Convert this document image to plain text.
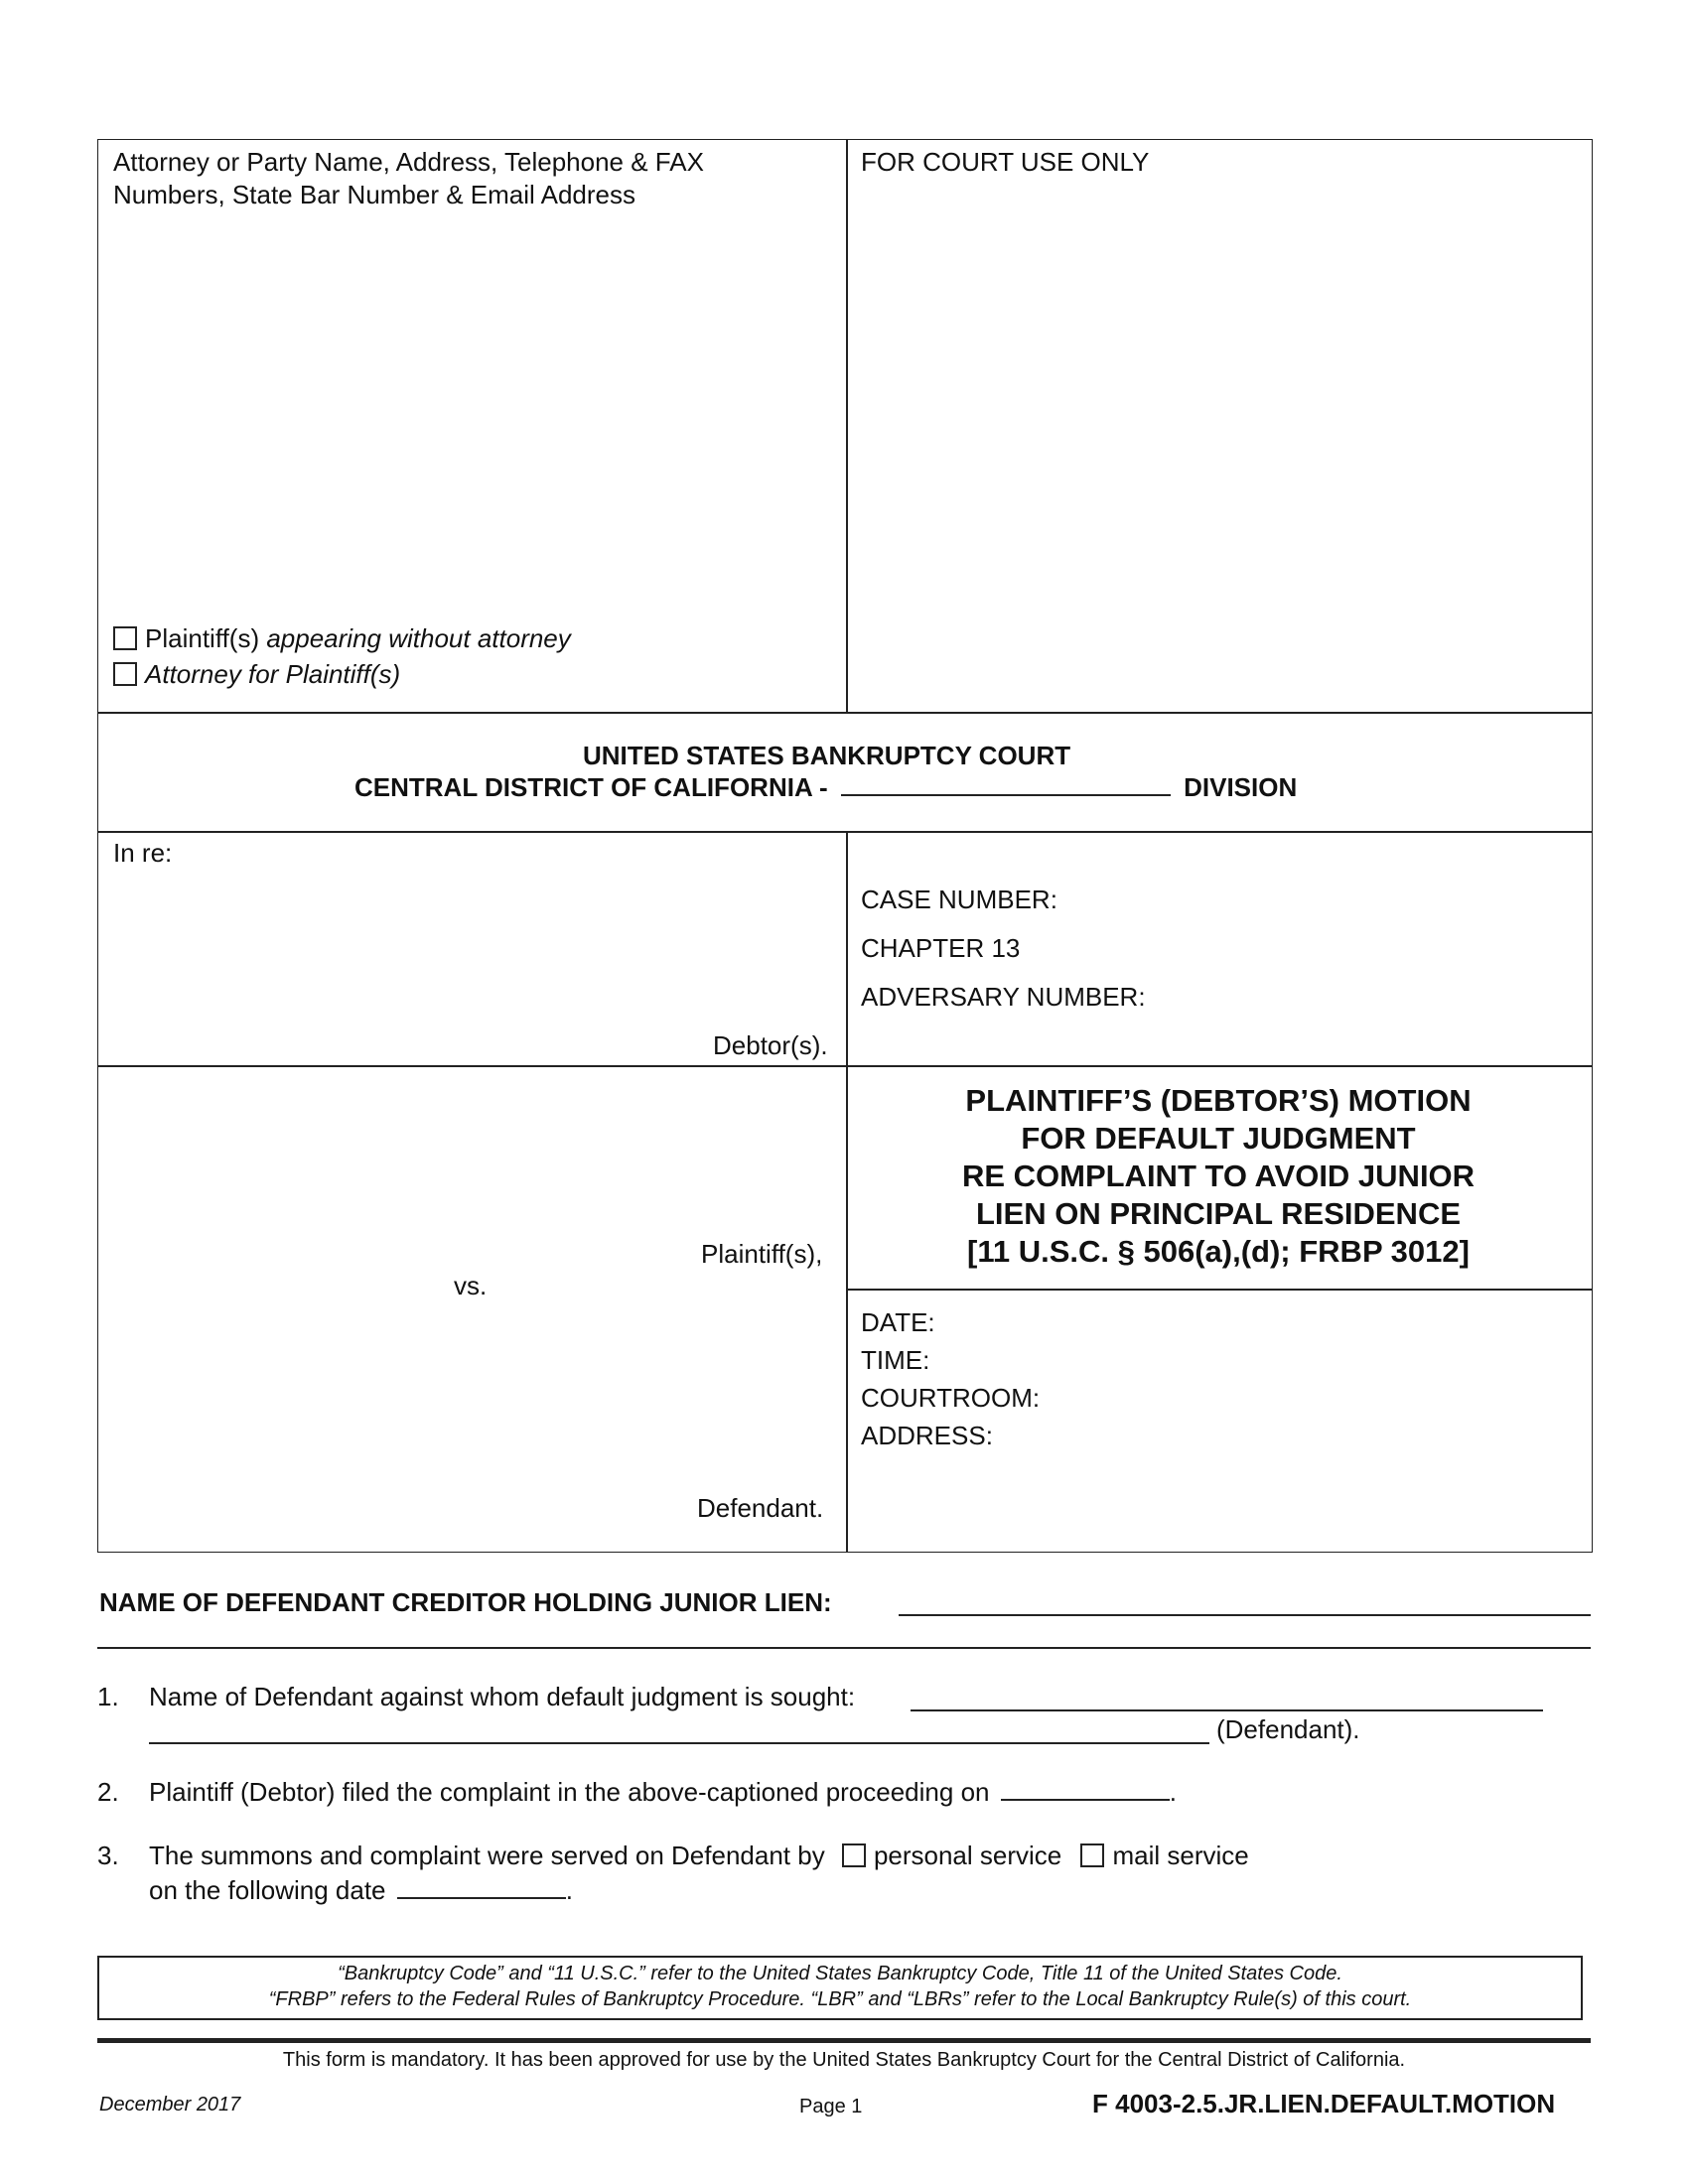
Attorney or Party Name, Address, Telephone & FAX
Numbers, State Bar Number & Email Address
Plaintiff(s) appearing without attorney
Attorney for Plaintiff(s)
FOR COURT USE ONLY
UNITED STATES BANKRUPTCY COURT
CENTRAL DISTRICT OF CALIFORNIA -	DIVISION
In re:
Debtor(s).
CASE NUMBER:
CHAPTER 13
ADVERSARY NUMBER:
Plaintiff(s),
vs.
Defendant.
PLAINTIFF’S (DEBTOR’S) MOTION
FOR DEFAULT JUDGMENT
RE COMPLAINT TO AVOID JUNIOR
LIEN ON PRINCIPAL RESIDENCE
[11 U.S.C. § 506(a),(d); FRBP 3012]
DATE:
TIME:
COURTROOM:
ADDRESS:
NAME OF DEFENDANT CREDITOR HOLDING JUNIOR LIEN:
1. Name of Defendant against whom default judgment is sought:
(Defendant).
2. Plaintiff (Debtor) filed the complaint in the above-captioned proceeding on	.
3. The summons and complaint were served on Defendant by personal service mail service
on the following date	.
“Bankruptcy Code” and “11 U.S.C.” refer to the United States Bankruptcy Code, Title 11 of the United States Code.
“FRBP” refers to the Federal Rules of Bankruptcy Procedure. “LBR” and “LBRs” refer to the Local Bankruptcy Rule(s) of this court.
This form is mandatory. It has been approved for use by the United States Bankruptcy Court for the Central District of California.
December 2017	Page 1	F 4003-2.5.JR.LIEN.DEFAULT.MOTION
